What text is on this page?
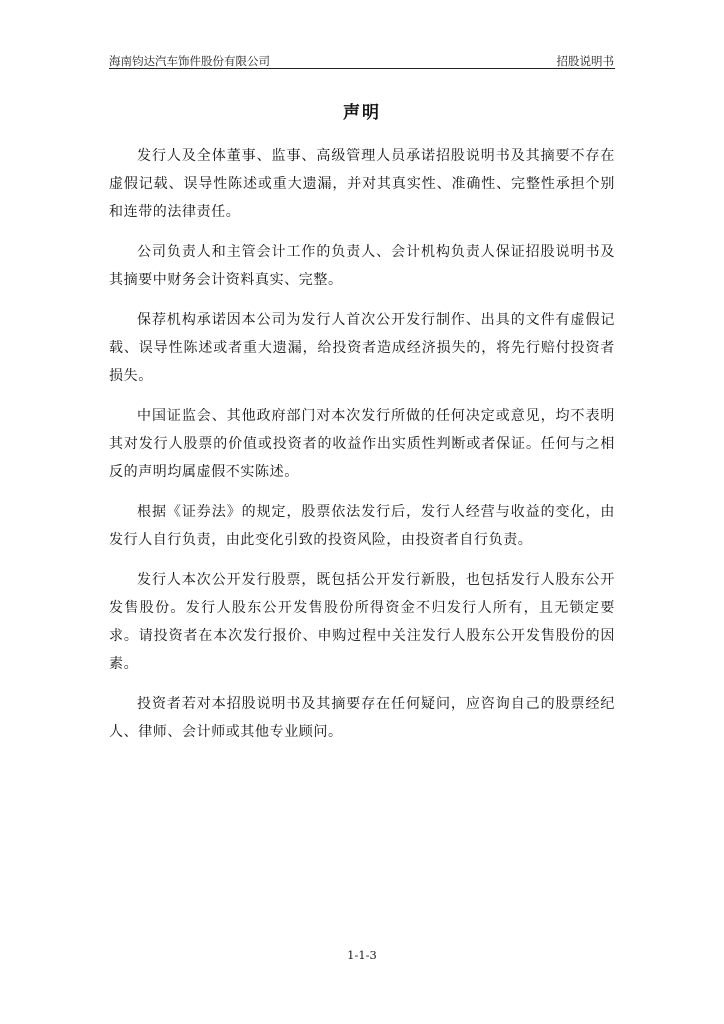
海南钧达汽车饰件股份有限公司	招股说明书
声明

发行人及全体董事、监事、高级管理人员承诺招股说明书及其摘要不存在虚假记载、误导性陈述或重大遗漏，并对其真实性、准确性、完整性承担个别和连带的法律责任。

公司负责人和主管会计工作的负责人、会计机构负责人保证招股说明书及其摘要中财务会计资料真实、完整。

保荐机构承诺因本公司为发行人首次公开发行制作、出具的文件有虚假记载、误导性陈述或者重大遗漏，给投资者造成经济损失的，将先行赔付投资者损失。

中国证监会、其他政府部门对本次发行所做的任何决定或意见，均不表明其对发行人股票的价值或投资者的收益作出实质性判断或者保证。任何与之相反的声明均属虚假不实陈述。

根据《证券法》的规定，股票依法发行后，发行人经营与收益的变化，由发行人自行负责，由此变化引致的投资风险，由投资者自行负责。

发行人本次公开发行股票，既包括公开发行新股，也包括发行人股东公开发售股份。发行人股东公开发售股份所得资金不归发行人所有，且无锁定要求。请投资者在本次发行报价、申购过程中关注发行人股东公开发售股份的因素。

投资者若对本招股说明书及其摘要存在任何疑问，应咨询自己的股票经纪人、律师、会计师或其他专业顾问。

1-1-3
